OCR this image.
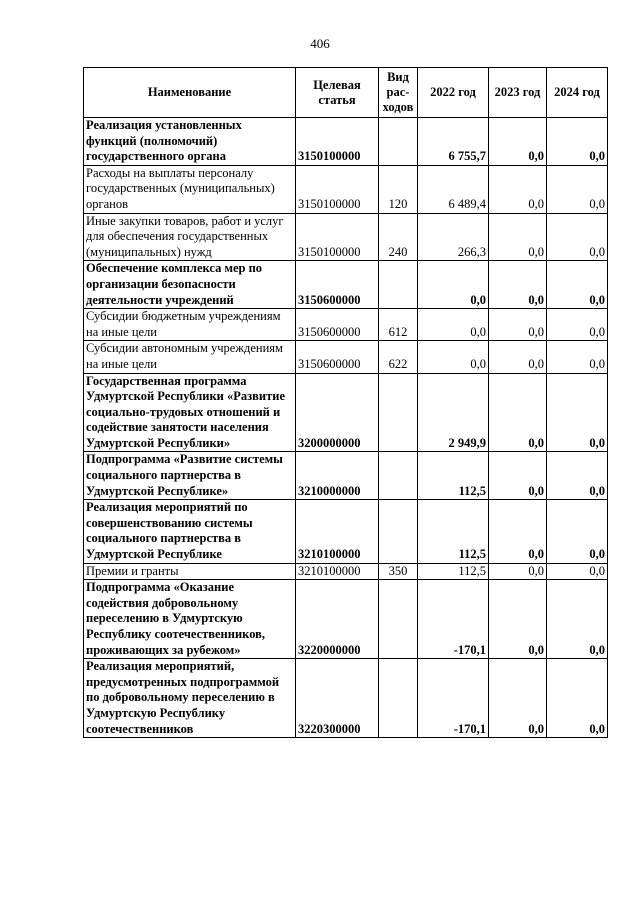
406
Наименование	Целевая статья	Вид рас-ходов	2022 год	2023 год	2024 год
Реализация установленных функций (полномочий) государственного органа	3150100000		6 755,7	0,0	0,0
Расходы на выплаты персоналу государственных (муниципальных) органов	3150100000	120	6 489,4	0,0	0,0
Иные закупки товаров, работ и услуг для обеспечения государственных (муниципальных) нужд	3150100000	240	266,3	0,0	0,0
Обеспечение комплекса мер по организации безопасности деятельности учреждений	3150600000		0,0	0,0	0,0
Субсидии бюджетным учреждениям на иные цели	3150600000	612	0,0	0,0	0,0
Субсидии автономным учреждениям на иные цели	3150600000	622	0,0	0,0	0,0
Государственная программа Удмуртской Республики «Развитие социально-трудовых отношений и содействие занятости населения Удмуртской Республики»	3200000000		2 949,9	0,0	0,0
Подпрограмма «Развитие системы социального партнерства в Удмуртской Республике»	3210000000		112,5	0,0	0,0
Реализация мероприятий по совершенствованию системы социального партнерства в Удмуртской Республике	3210100000		112,5	0,0	0,0
Премии и гранты	3210100000	350	112,5	0,0	0,0
Подпрограмма «Оказание содействия добровольному переселению в Удмуртскую Республику соотечественников, проживающих за рубежом»	3220000000		-170,1	0,0	0,0
Реализация мероприятий, предусмотренных подпрограммой по добровольному переселению в Удмуртскую Республику соотечественников	3220300000		-170,1	0,0	0,0
